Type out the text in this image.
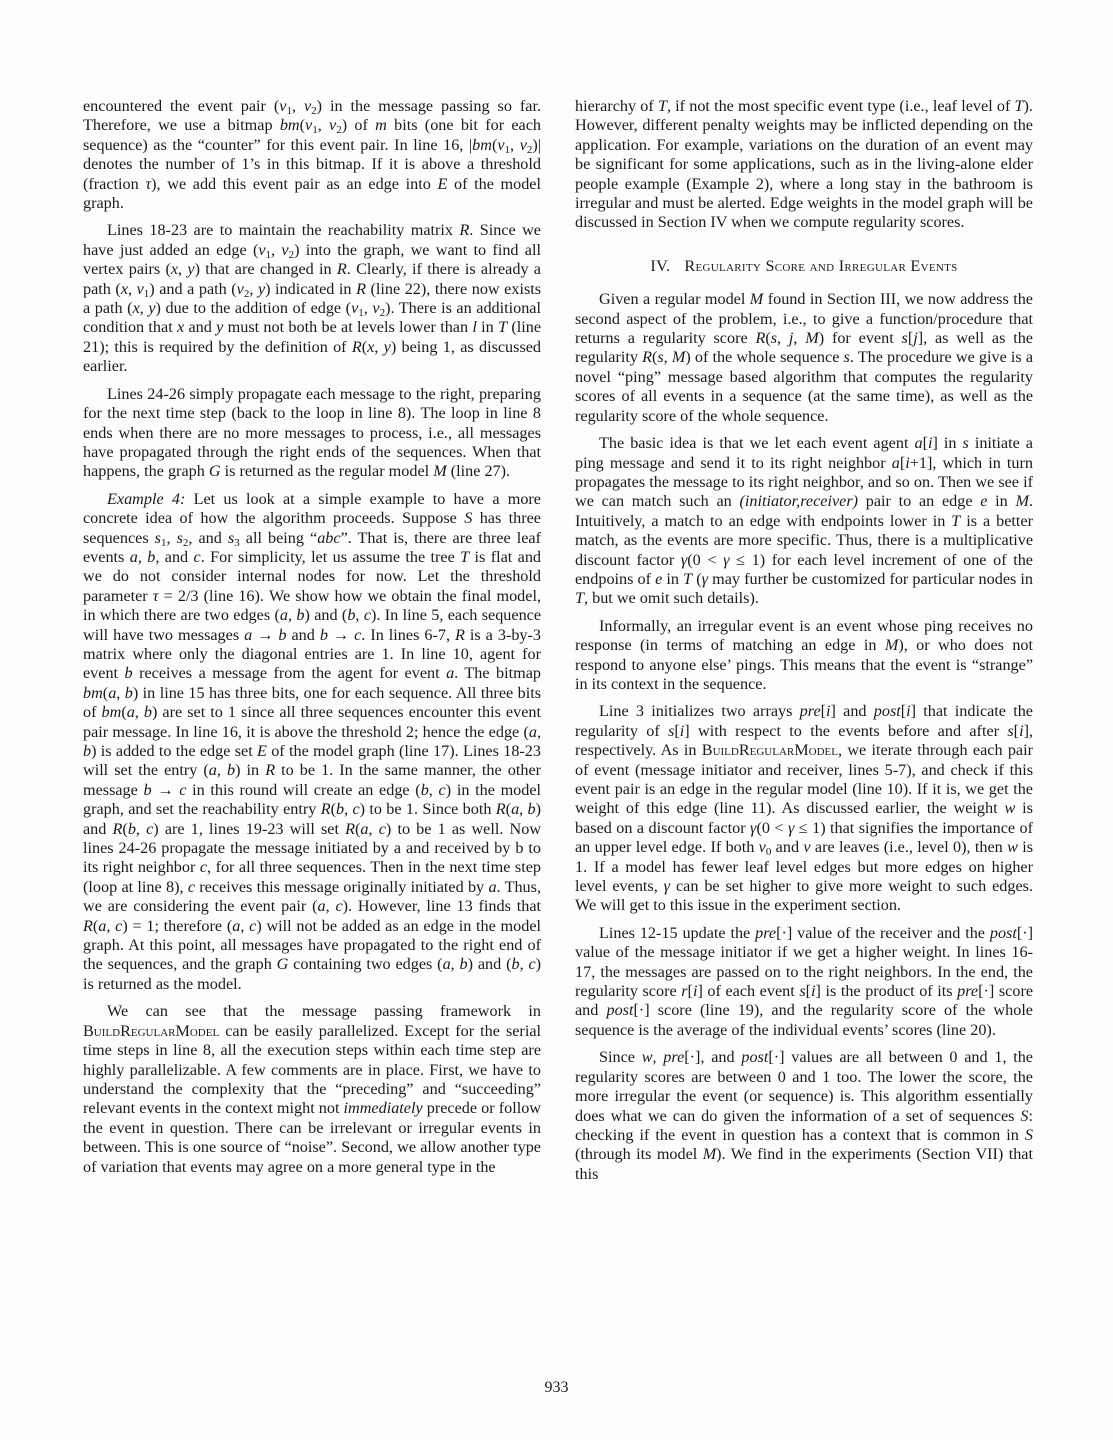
encountered the event pair ($v_1$, $v_2$) in the message passing so far. Therefore, we use a bitmap $bm(v_1$, $v_2$) of m bits (one bit for each sequence) as the “counter” for this event pair. In line 16, $|bm(v_1$, $v_2)|$ denotes the number of 1’s in this bitmap. If it is above a threshold (fraction τ), we add this event pair as an edge into E of the model graph.

Lines 18-23 are to maintain the reachability matrix R. Since we have just added an edge ($v_1$, $v_2$) into the graph, we want to find all vertex pairs (x, y) that are changed in R. Clearly, if there is already a path (x, $v_1$) and a path ($v_2$, y) indicated in R (line 22), there now exists a path (x, y) due to the addition of edge ($v_1$, $v_2$). There is an additional condition that x and y must not both be at levels lower than l in T (line 21); this is required by the definition of R(x, y) being 1, as discussed earlier.

Lines 24-26 simply propagate each message to the right, preparing for the next time step (back to the loop in line 8). The loop in line 8 ends when there are no more messages to process, i.e., all messages have propagated through the right ends of the sequences. When that happens, the graph G is returned as the regular model M (line 27).

Example 4: Let us look at a simple example to have a more concrete idea of how the algorithm proceeds. Suppose S has three sequences $s_1$, $s_2$, and $s_3$ all being “abc”. That is, there are three leaf events a, b, and c. For simplicity, let us assume the tree T is flat and we do not consider internal nodes for now. Let the threshold parameter τ = 2/3 (line 16). We show how we obtain the final model, in which there are two edges (a, b) and (b, c). In line 5, each sequence will have two messages a → b and b → c. In lines 6-7, R is a 3-by-3 matrix where only the diagonal entries are 1. In line 10, agent for event b receives a message from the agent for event a. The bitmap bm(a, b) in line 15 has three bits, one for each sequence. All three bits of bm(a, b) are set to 1 since all three sequences encounter this event pair message. In line 16, it is above the threshold 2; hence the edge (a, b) is added to the edge set E of the model graph (line 17). Lines 18-23 will set the entry (a, b) in R to be 1. In the same manner, the other message b → c in this round will create an edge (b, c) in the model graph, and set the reachability entry R(b, c) to be 1. Since both R(a, b) and R(b, c) are 1, lines 19-23 will set R(a, c) to be 1 as well. Now lines 24-26 propagate the message initiated by a and received by b to its right neighbor c, for all three sequences. Then in the next time step (loop at line 8), c receives this message originally initiated by a. Thus, we are considering the event pair (a, c). However, line 13 finds that R(a, c) = 1; therefore (a, c) will not be added as an edge in the model graph. At this point, all messages have propagated to the right end of the sequences, and the graph G containing two edges (a, b) and (b, c) is returned as the model.

We can see that the message passing framework in BuildRegularModel can be easily parallelized. Except for the serial time steps in line 8, all the execution steps within each time step are highly parallelizable. A few comments are in place. First, we have to understand the complexity that the “preceding” and “succeeding” relevant events in the context might not immediately precede or follow the event in question. There can be irrelevant or irregular events in between. This is one source of “noise”. Second, we allow another type of variation that events may agree on a more general type in the

hierarchy of T, if not the most specific event type (i.e., leaf level of T). However, different penalty weights may be inflicted depending on the application. For example, variations on the duration of an event may be significant for some applications, such as in the living-alone elder people example (Example 2), where a long stay in the bathroom is irregular and must be alerted. Edge weights in the model graph will be discussed in Section IV when we compute regularity scores.

IV. Regularity Score and Irregular Events

Given a regular model M found in Section III, we now address the second aspect of the problem, i.e., to give a function/procedure that returns a regularity score R(s, j, M) for event s[j], as well as the regularity R(s, M) of the whole sequence s. The procedure we give is a novel “ping” message based algorithm that computes the regularity scores of all events in a sequence (at the same time), as well as the regularity score of the whole sequence.

The basic idea is that we let each event agent a[i] in s initiate a ping message and send it to its right neighbor a[i+1], which in turn propagates the message to its right neighbor, and so on. Then we see if we can match such an (initiator,receiver) pair to an edge e in M. Intuitively, a match to an edge with endpoints lower in T is a better match, as the events are more specific. Thus, there is a multiplicative discount factor γ(0 < γ ≤ 1) for each level increment of one of the endpoins of e in T (γ may further be customized for particular nodes in T, but we omit such details).

Informally, an irregular event is an event whose ping receives no response (in terms of matching an edge in M), or who does not respond to anyone else’ pings. This means that the event is “strange” in its context in the sequence.

Line 3 initializes two arrays pre[i] and post[i] that indicate the regularity of s[i] with respect to the events before and after s[i], respectively. As in BuildRegularModel, we iterate through each pair of event (message initiator and receiver, lines 5-7), and check if this event pair is an edge in the regular model (line 10). If it is, we get the weight of this edge (line 11). As discussed earlier, the weight w is based on a discount factor γ(0 < γ ≤ 1) that signifies the importance of an upper level edge. If both $v_0$ and v are leaves (i.e., level 0), then w is 1. If a model has fewer leaf level edges but more edges on higher level events, γ can be set higher to give more weight to such edges. We will get to this issue in the experiment section.

Lines 12-15 update the pre[·] value of the receiver and the post[·] value of the message initiator if we get a higher weight. In lines 16-17, the messages are passed on to the right neighbors. In the end, the regularity score r[i] of each event s[i] is the product of its pre[·] score and post[·] score (line 19), and the regularity score of the whole sequence is the average of the individual events’ scores (line 20).

Since w, pre[·], and post[·] values are all between 0 and 1, the regularity scores are between 0 and 1 too. The lower the score, the more irregular the event (or sequence) is. This algorithm essentially does what we can do given the information of a set of sequences S: checking if the event in question has a context that is common in S (through its model M). We find in the experiments (Section VII) that this

933
